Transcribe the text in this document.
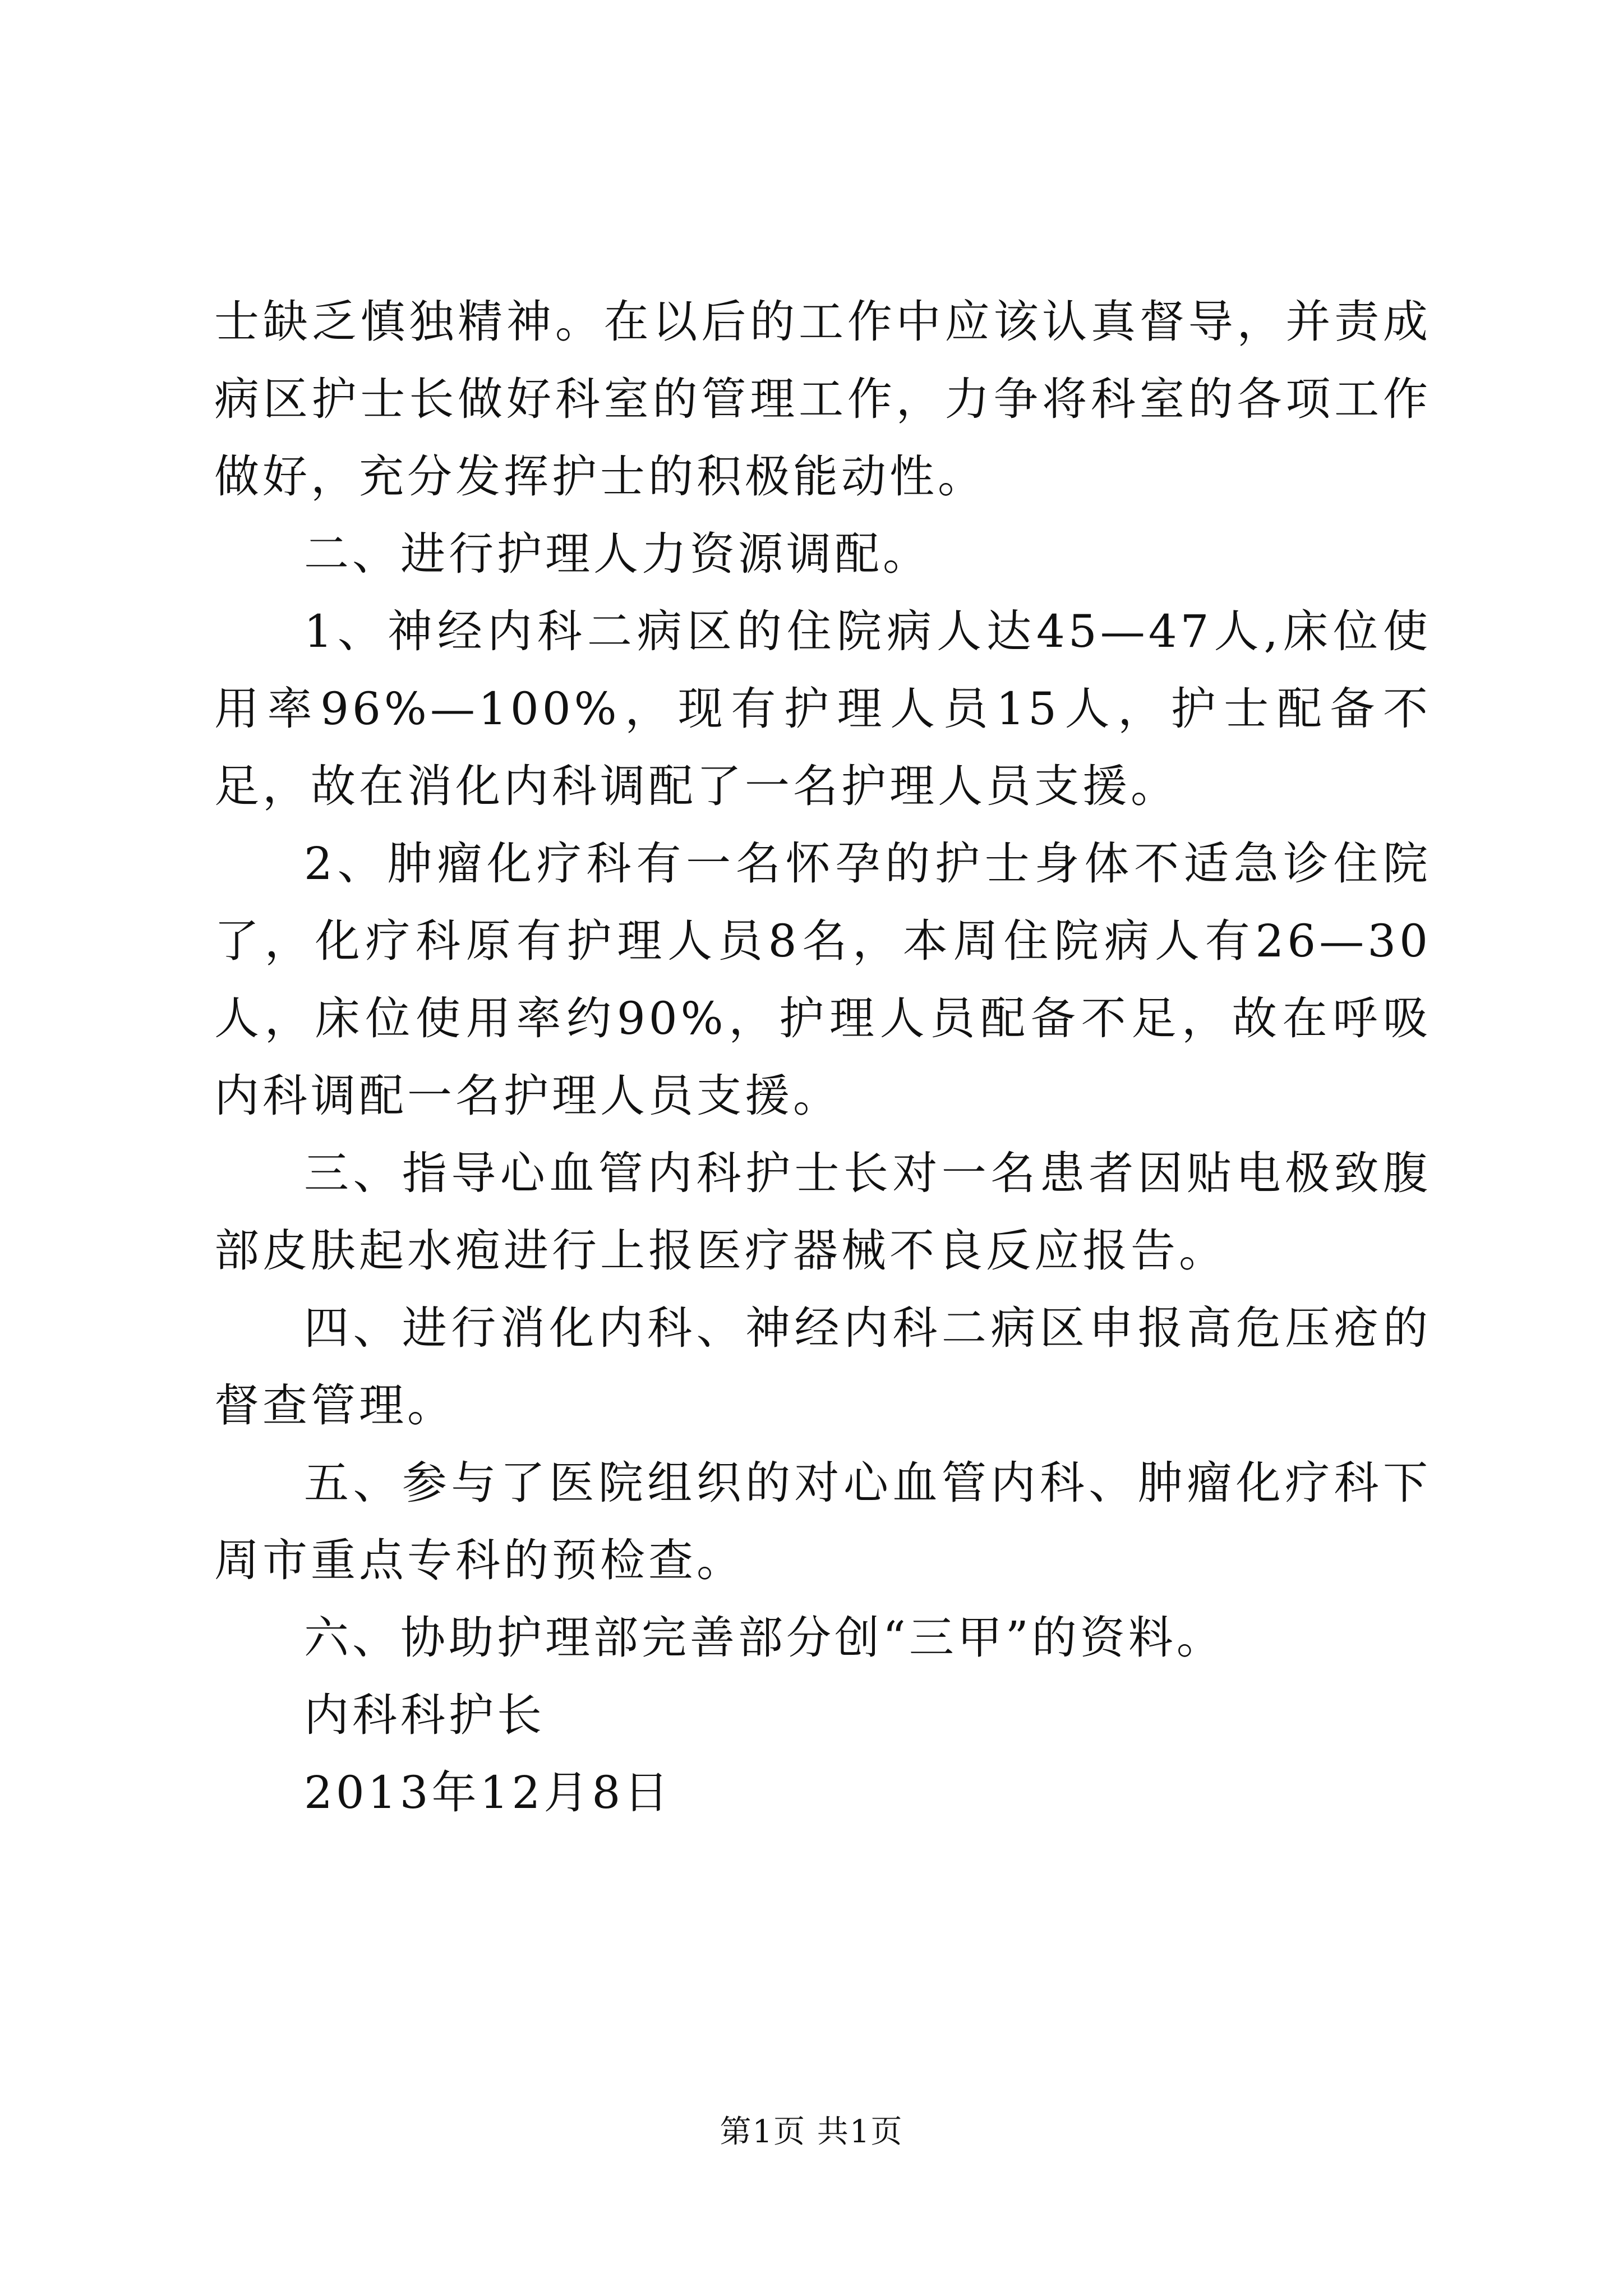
士缺乏慎独精神。在以后的工作中应该认真督导，并责成病区护士长做好科室的管理工作，力争将科室的各项工作做好，充分发挥护士的积极能动性。

二、进行护理人力资源调配。

1、神经内科二病区的住院病人达45—47人,床位使用率96%—100%，现有护理人员15人，护士配备不足，故在消化内科调配了一名护理人员支援。

2、肿瘤化疗科有一名怀孕的护士身体不适急诊住院了，化疗科原有护理人员8名，本周住院病人有26—30人，床位使用率约90%，护理人员配备不足，故在呼吸内科调配一名护理人员支援。

三、指导心血管内科护士长对一名患者因贴电极致腹部皮肤起水疱进行上报医疗器械不良反应报告。

四、进行消化内科、神经内科二病区申报高危压疮的督查管理。

五、参与了医院组织的对心血管内科、肿瘤化疗科下周市重点专科的预检查。

六、协助护理部完善部分创“三甲”的资料。

内科科护长

2013年12月8日

第1页 共1页
